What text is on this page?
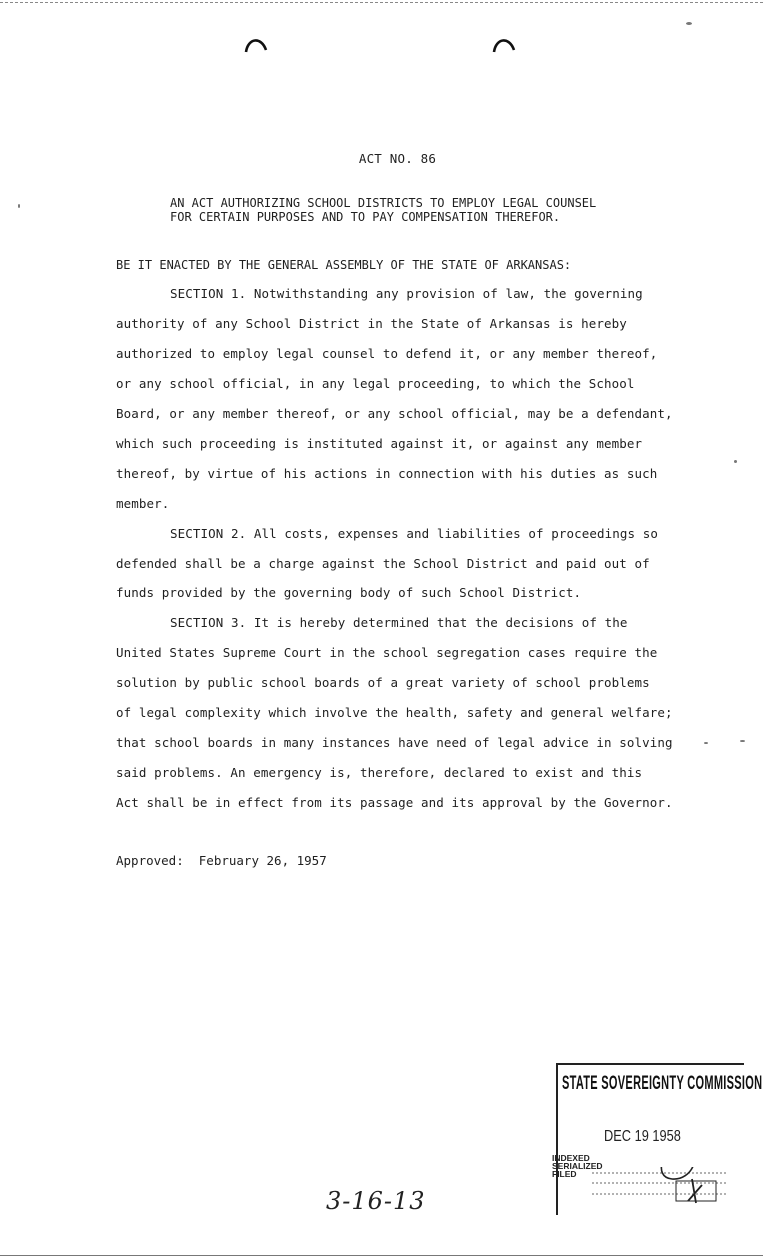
ACT NO. 86
AN ACT AUTHORIZING SCHOOL DISTRICTS TO EMPLOY LEGAL COUNSEL
FOR CERTAIN PURPOSES AND TO PAY COMPENSATION THEREFOR.
BE IT ENACTED BY THE GENERAL ASSEMBLY OF THE STATE OF ARKANSAS:
SECTION 1. Notwithstanding any provision of law, the governing
authority of any School District in the State of Arkansas is hereby
authorized to employ legal counsel to defend it, or any member thereof,
or any school official, in any legal proceeding, to which the School
Board, or any member thereof, or any school official, may be a defendant,
which such proceeding is instituted against it, or against any member
thereof, by virtue of his actions in connection with his duties as such
member.
SECTION 2. All costs, expenses and liabilities of proceedings so
defended shall be a charge against the School District and paid out of
funds provided by the governing body of such School District.
SECTION 3. It is hereby determined that the decisions of the
United States Supreme Court in the school segregation cases require the
solution by public school boards of a great variety of school problems
of legal complexity which involve the health, safety and general welfare;
that school boards in many instances have need of legal advice in solving
said problems. An emergency is, therefore, declared to exist and this
Act shall be in effect from its passage and its approval by the Governor.
Approved:  February 26, 1957
STATE SOVEREIGNTY COMMISSION
DEC 19 1958
INDEXED
SERIALIZED
FILED
3-16-13
